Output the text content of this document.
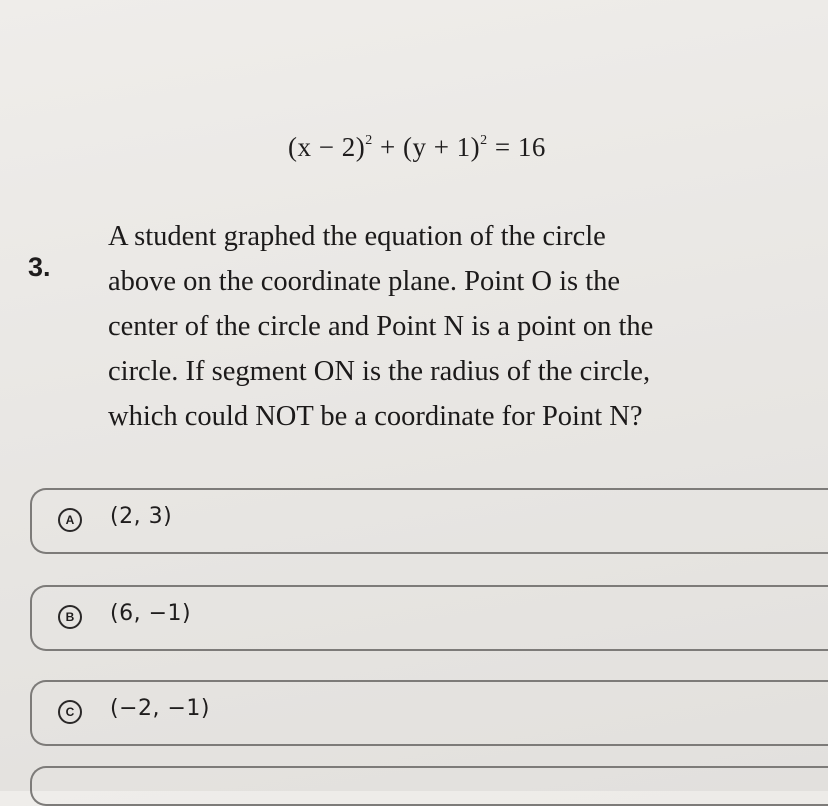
$(x - 2)^2 + (y + 1)^2 = 16$
3.
A student graphed the equation of the circle
above on the coordinate plane. Point O is the
center of the circle and Point N is a point on the
circle. If segment ON is the radius of the circle,
which could NOT be a coordinate for Point N?
A	(2, 3)
B	(6, −1)
C	(−2, −1)
